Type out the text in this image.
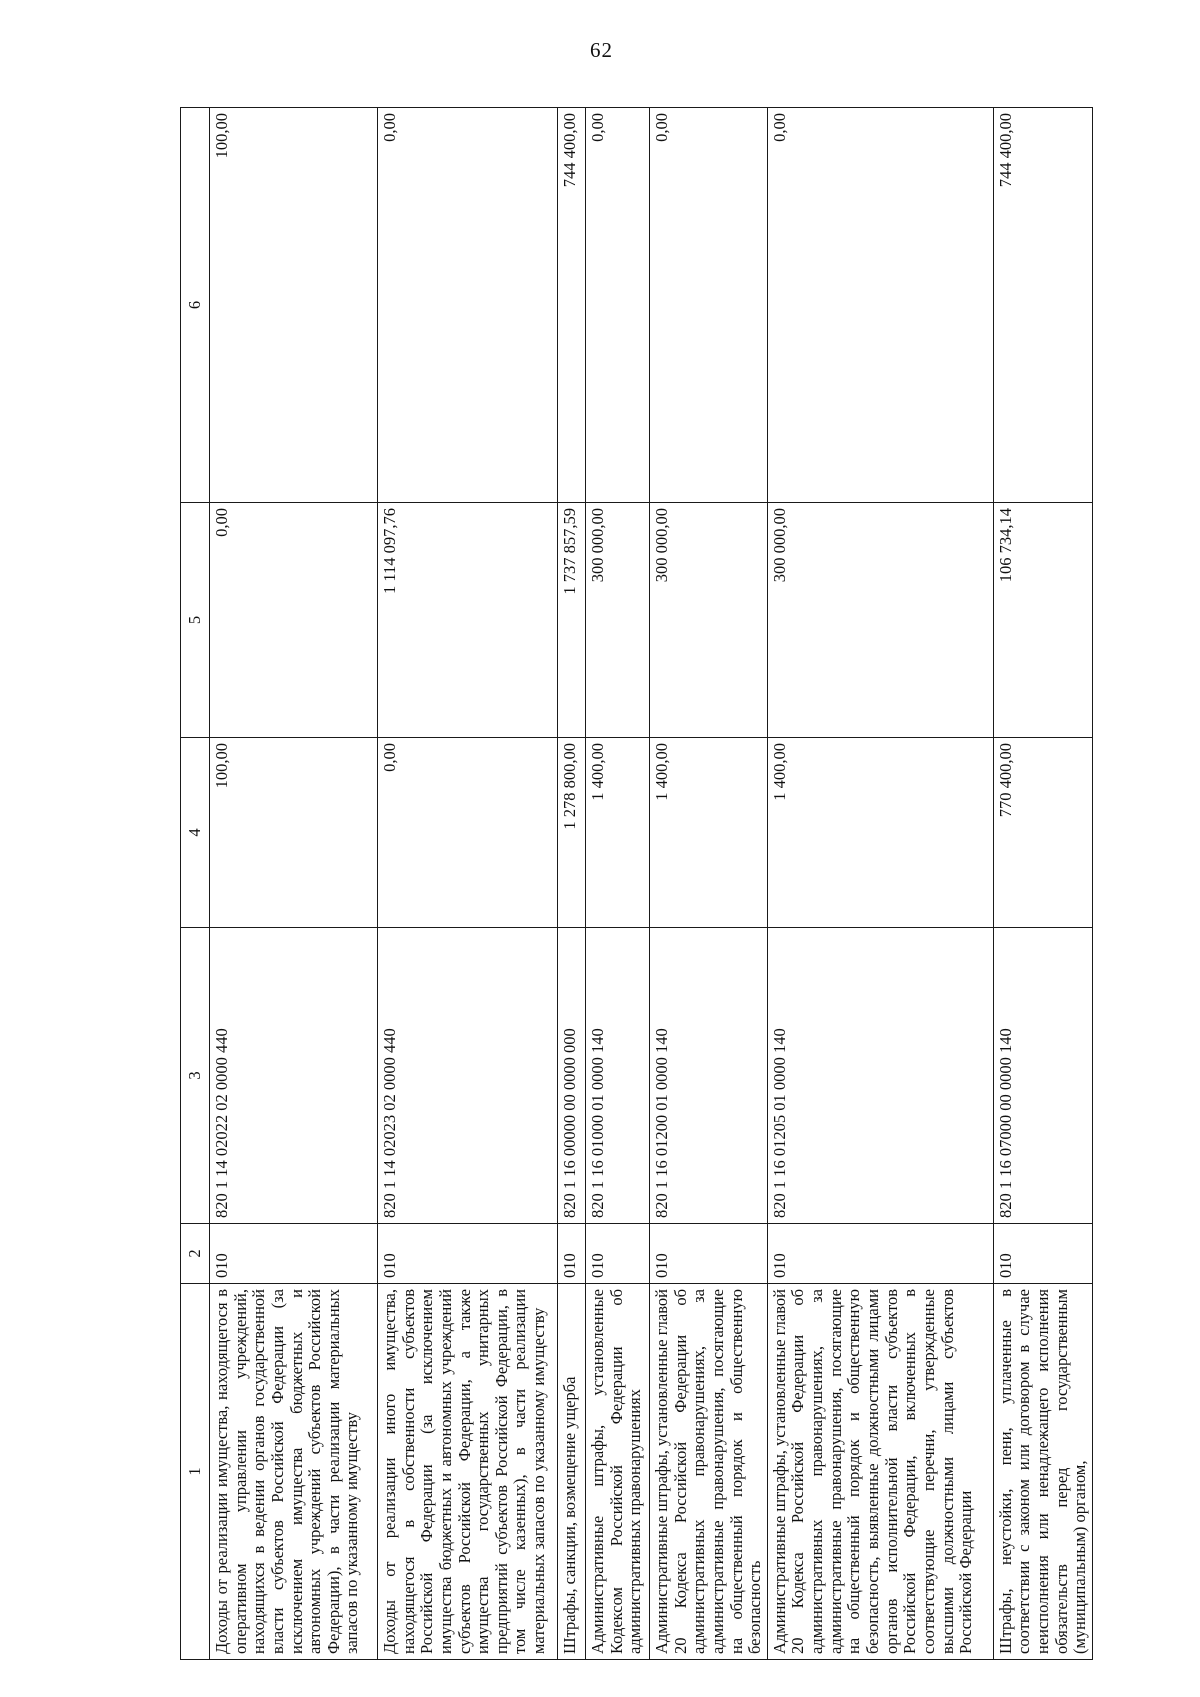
62
1	2	3	4	5	6
Доходы от реализации имущества, находящегося в оперативном управлении учреждений, находящихся в ведении органов государственной власти субъектов Российской Федерации (за исключением имущества бюджетных и автономных учреждений субъектов Российской Федерации), в части реализации материальных запасов по указанному имуществу	010	820 1 14 02022 02 0000 440	100,00	0,00	100,00
Доходы от реализации иного имущества, находящегося в собственности субъектов Российской Федерации (за исключением имущества бюджетных и автономных учреждений субъектов Российской Федерации, а также имущества государственных унитарных предприятий субъектов Российской Федерации, в том числе казенных), в части реализации материальных запасов по указанному имуществу	010	820 1 14 02023 02 0000 440	0,00	1 114 097,76	0,00
Штрафы, санкции, возмещение ущерба	010	820 1 16 00000 00 0000 000	1 278 800,00	1 737 857,59	744 400,00
Административные штрафы, установленные Кодексом Российской Федерации об административных правонарушениях	010	820 1 16 01000 01 0000 140	1 400,00	300 000,00	0,00
Административные штрафы, установленные главой 20 Кодекса Российской Федерации об административных правонарушениях, за административные правонарушения, посягающие на общественный порядок и общественную безопасность	010	820 1 16 01200 01 0000 140	1 400,00	300 000,00	0,00
Административные штрафы, установленные главой 20 Кодекса Российской Федерации об административных правонарушениях, за административные правонарушения, посягающие на общественный порядок и общественную безопасность, выявленные должностными лицами органов исполнительной власти субъектов Российской Федерации, включенных в соответствующие перечни, утвержденные высшими должностными лицами субъектов Российской Федерации	010	820 1 16 01205 01 0000 140	1 400,00	300 000,00	0,00
Штрафы, неустойки, пени, уплаченные в соответствии с законом или договором в случае неисполнения или ненадлежащего исполнения обязательств перед государственным (муниципальным) органом,	010	820 1 16 07000 00 0000 140	770 400,00	106 734,14	744 400,00
